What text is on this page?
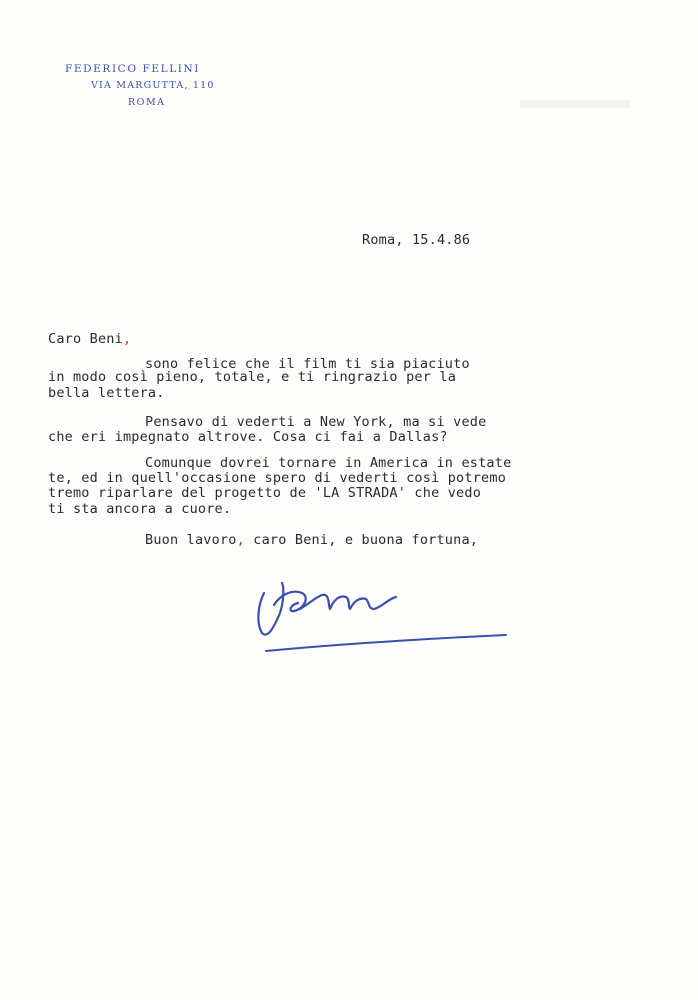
FEDERICO FELLINI
VIA MARGUTTA, 110
ROMA
Roma, 15.4.86
Caro Beni,
sono felice che il film ti sia piaciuto
in modo così pieno, totale, e ti ringrazio per la
bella lettera.
Pensavo di vederti a New York, ma si vede
che eri impegnato altrove. Cosa ci fai a Dallas?
Comunque dovrei tornare in America in estate
te, ed in quell'occasione spero di vederti così potremo
tremo riparlare del progetto de 'LA STRADA' che vedo
ti sta ancora a cuore.
Buon lavoro, caro Beni, e buona fortuna,
